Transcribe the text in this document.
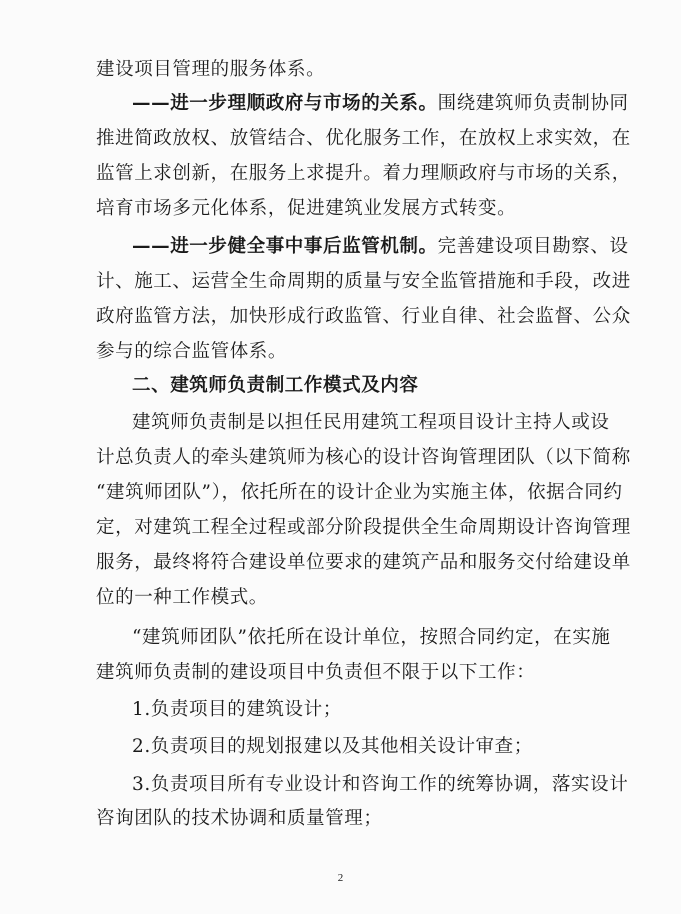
建设项目管理的服务体系。
——进一步理顺政府与市场的关系。围绕建筑师负责制协同
推进简政放权、放管结合、优化服务工作，在放权上求实效，在
监管上求创新，在服务上求提升。着力理顺政府与市场的关系，
培育市场多元化体系，促进建筑业发展方式转变。
——进一步健全事中事后监管机制。完善建设项目勘察、设
计、施工、运营全生命周期的质量与安全监管措施和手段，改进
政府监管方法，加快形成行政监管、行业自律、社会监督、公众
参与的综合监管体系。
二、建筑师负责制工作模式及内容
建筑师负责制是以担任民用建筑工程项目设计主持人或设
计总负责人的牵头建筑师为核心的设计咨询管理团队（以下简称
“建筑师团队”），依托所在的设计企业为实施主体，依据合同约
定，对建筑工程全过程或部分阶段提供全生命周期设计咨询管理
服务，最终将符合建设单位要求的建筑产品和服务交付给建设单
位的一种工作模式。
“建筑师团队”依托所在设计单位，按照合同约定，在实施
建筑师负责制的建设项目中负责但不限于以下工作：
1.负责项目的建筑设计；
2.负责项目的规划报建以及其他相关设计审查；
3.负责项目所有专业设计和咨询工作的统筹协调，落实设计
咨询团队的技术协调和质量管理；
2
